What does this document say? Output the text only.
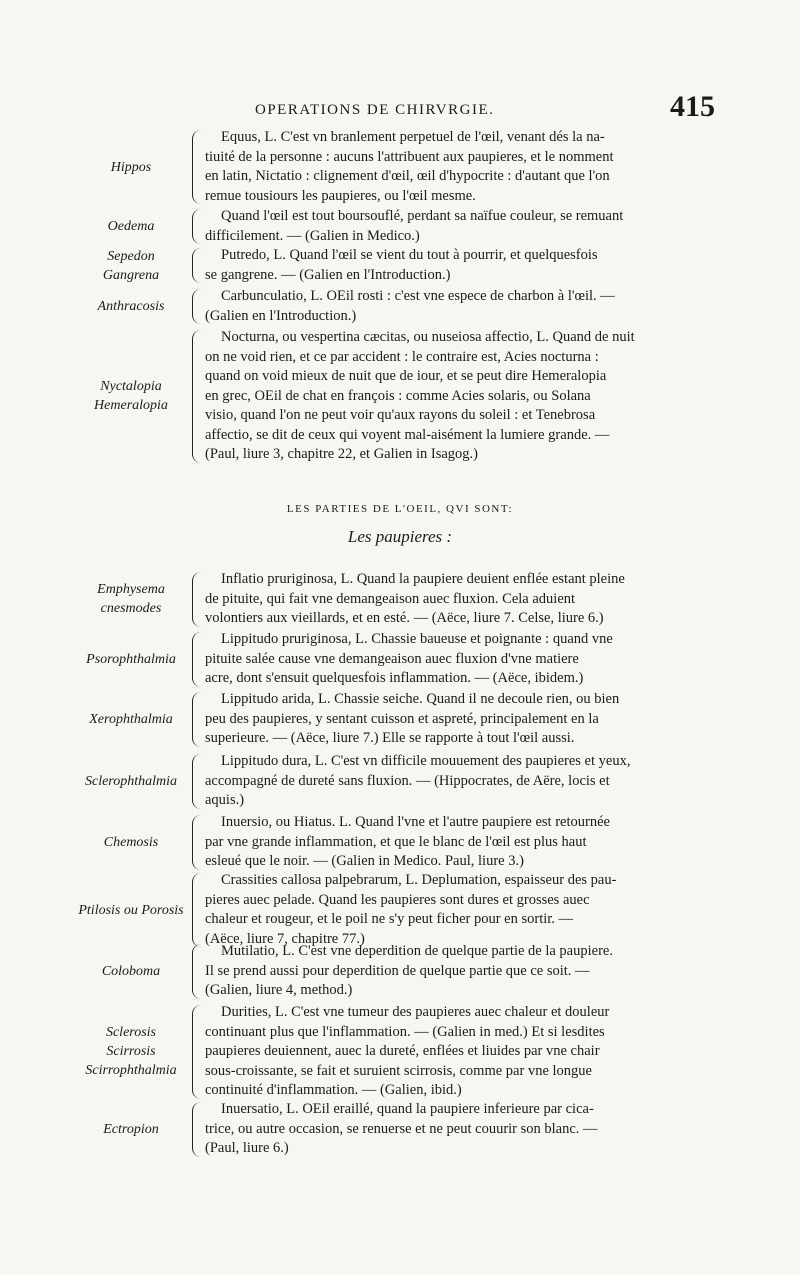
OPERATIONS DE CHIRVRGIE.	415
LES PARTIES DE L'OEIL, QVI SONT:
Les paupieres :
Hippos
Equus, L. C'est vn branlement perpetuel de l'œil, venant dés la na-
tiuité de la personne : aucuns l'attribuent aux paupieres, et le nomment
en latin, Nictatio : clignement d'œil, œil d'hypocrite : d'autant que l'on
remue tousiours les paupieres, ou l'œil mesme.
Oedema
Quand l'œil est tout boursouflé, perdant sa naïfue couleur, se remuant
difficilement. — (Galien in Medico.)
Sepedon
Gangrena
Putredo, L. Quand l'œil se vient du tout à pourrir, et quelquesfois
se gangrene. — (Galien en l'Introduction.)
Anthracosis
Carbunculatio, L. OEil rosti : c'est vne espece de charbon à l'œil. —
(Galien en l'Introduction.)
Nyctalopia
Hemeralopia
Nocturna, ou vespertina cæcitas, ou nuseiosa affectio, L. Quand de nuit
on ne void rien, et ce par accident : le contraire est, Acies nocturna :
quand on void mieux de nuit que de iour, et se peut dire Hemeralopia
en grec, OEil de chat en françois : comme Acies solaris, ou Solana
visio, quand l'on ne peut voir qu'aux rayons du soleil : et Tenebrosa
affectio, se dit de ceux qui voyent mal-aisément la lumiere grande. —
(Paul, liure 3, chapitre 22, et Galien in Isagog.)
Emphysema
cnesmodes
Inflatio pruriginosa, L. Quand la paupiere deuient enflée estant pleine
de pituite, qui fait vne demangeaison auec fluxion. Cela aduient
volontiers aux vieillards, et en esté. — (Aëce, liure 7. Celse, liure 6.)
Psorophthalmia
Lippitudo pruriginosa, L. Chassie baueuse et poignante : quand vne
pituite salée cause vne demangeaison auec fluxion d'vne matiere
acre, dont s'ensuit quelquesfois inflammation. — (Aëce, ibidem.)
Xerophthalmia
Lippitudo arida, L. Chassie seiche. Quand il ne decoule rien, ou bien
peu des paupieres, y sentant cuisson et aspreté, principalement en la
superieure. — (Aëce, liure 7.) Elle se rapporte à tout l'œil aussi.
Sclerophthalmia
Lippitudo dura, L. C'est vn difficile mouuement des paupieres et yeux,
accompagné de dureté sans fluxion. — (Hippocrates, de Aëre, locis et
aquis.)
Chemosis
Inuersio, ou Hiatus. L. Quand l'vne et l'autre paupiere est retournée
par vne grande inflammation, et que le blanc de l'œil est plus haut
esleué que le noir. — (Galien in Medico. Paul, liure 3.)
Ptilosis ou Porosis
Crassities callosa palpebrarum, L. Deplumation, espaisseur des pau-
pieres auec pelade. Quand les paupieres sont dures et grosses auec
chaleur et rougeur, et le poil ne s'y peut ficher pour en sortir. —
(Aëce, liure 7, chapitre 77.)
Coloboma
Mutilatio, L. C'est vne deperdition de quelque partie de la paupiere.
Il se prend aussi pour deperdition de quelque partie que ce soit. —
(Galien, liure 4, method.)
Sclerosis
Scirrosis
Scirrophthalmia
Durities, L. C'est vne tumeur des paupieres auec chaleur et douleur
continuant plus que l'inflammation. — (Galien in med.) Et si lesdites
paupieres deuiennent, auec la dureté, enflées et liuides par vne chair
sous-croissante, se fait et suruient scirrosis, comme par vne longue
continuité d'inflammation. — (Galien, ibid.)
Ectropion
Inuersatio, L. OEil eraillé, quand la paupiere inferieure par cica-
trice, ou autre occasion, se renuerse et ne peut couurir son blanc. —
(Paul, liure 6.)
